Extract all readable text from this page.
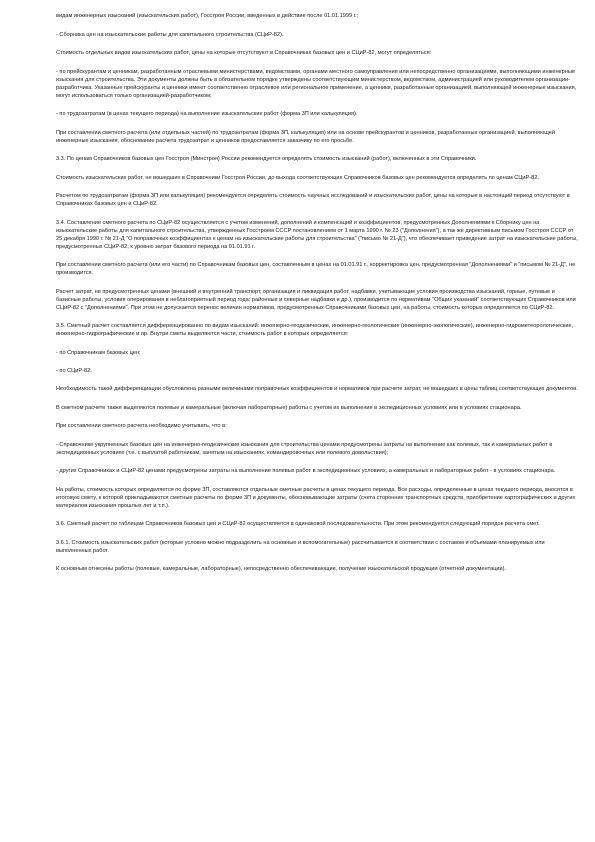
видам инженерных изысканий (изыскательских работ), Госстроя России, введенных в действие после 01.01.1999 г.;

- Сборника цен на изыскательские работы для капитального строительства (СЦиР-82).

Стоимость отдельных видов изыскательских работ, цены на которые отсутствуют в Справочниках базовых цен и СЦиР-82, могут определяться:

- по прейскурантам и ценникам, разработанным отраслевыми министерствами, ведомствами, органами местного самоуправления или непосредственно организациями, выполняющими инженерные изыскания для строительства. Эти документы должны быть в обязательном порядке утверждены соответствующим министерством, ведомством, администрацией или руководителем организации-разработчика. Указанные прейскуранты и ценники имеют соответственно отраслевое или региональное применение, а ценники, разработанные организацией, выполняющей инженерные изыскания, могут использоваться только организацией-разработчиком;

- по трудозатратам (в ценах текущего периода) на выполнение изыскательских работ (форма 3П или калькуляция).

При составлении сметного расчета (или отдельных частей) по трудозатратам (форма 3П, калькуляция) или на основе прейскурантов и ценников, разработанных организацией, выполняющей инженерные изыскания, обоснование расчета трудозатрат и ценников предоставляется заказчику по его просьбе.

3.3. По ценам Справочников базовых цен Госстроя (Минстроя) России рекомендуется определять стоимость изысканий (работ), включенных в эти Справочники.

Стоимость изыскательских работ, не вошедших в Справочники Госстроя России, до выхода соответствующих Справочников базовых цен рекомендуется определять по ценам СЦиР-82.

Расчетом по трудозатратам (форма 3П или калькуляция) рекомендуется определять стоимость научных исследований и изыскательских работ, цены на которые в настоящий период отсутствуют в Справочниках базовых цен и СЦиР-82.

3.4. Составление сметного расчета по СЦиР-82 осуществляется с учетом изменений, дополнений и компенсаций и коэффициентов, предусмотренных Дополнениями к Сборнику цен на изыскательские работы для капитального строительства, утвержденных Госстроем СССР постановлением от 1 марта 1990 г. № 23 ("Дополнения"), а так же директивным письмом Госстроя СССР от 25 декабря 1990 г. № 21-Д "О поправочных коэффициентах к ценам на изыскательские работы для строительства" ("письмо № 21-Д"), что обеспечивает приведение затрат на изыскательские работы, предусмотренных СЦиР-82, к уровню затрат базового периода на 01.01.91 г.

При составлении сметного расчета (или его части) по Справочникам базовых цен, составленным в ценах на 01.01.91 г., корректировка цен, предусмотренная "Дополнениями" и "письмом № 21-Д", не производится.

Расчет затрат, не предусмотренных ценами (внешний и внутренний транспорт, организация и ликвидация работ, надбавки, учитывающие условия производства изысканий, горные, путевые и базисные работы, условия оперирования в неблагоприятный период года; районные и северные надбавки и др.), производится по нормативам "Общих указаний" соответствующих Справочников или СЦиР-82 с "Дополнениями". При этом не допускается перенос величин нормативов, предусмотренных Справочниками базовых цен, на работы, стоимость которых определяется по СЦиР-82.

3.5. Сметный расчет составляется дифференцированно по видам изысканий: инженерно-геодезические, инженерно-геологические (инженерно-экологические), инженерно-гидрометеорологические, инженерно-гидрографические и пр. Внутри сметы выделяются части, стоимость работ в которых определяется:

- по Справочникам базовых цен;

- по СЦиР-82.

Необходимость такой дифференциации обусловлена разными величинами поправочных коэффициентов и нормативов при расчете затрат, не вошедших в цены таблиц соответствующих документов.

В сметном расчете также выделяются полевые и камеральные (включая лабораторные) работы с учетом их выполнения в экспедиционных условиях или в условиях стационара.

При составлении сметного расчета необходимо учитывать, что в:

- Справочнике укрупненных базовых цен на инженерно-геодезические изыскания для строительства ценами предусмотрены затраты на выполнение как полевых, так и камеральных работ в экспедиционных условиях (т.е. с выплатой работникам, занятым на изысканиях, командировочных или полевого довольствия);

- других Справочниках и СЦиР-82 ценами предусмотрены затраты на выполнение полевых работ в экспедиционных условиях, а камеральных и лабораторных работ - в условиях стационара.

На работы, стоимость которых определяется по форме 3П, составляются отдельные сметные расчеты в ценах текущего периода. Все расходы, определенные в ценах текущего периода, вносятся в итоговую смету, к которой прикладываются сметные расчеты по форме 3П и документы, обосновывающие затраты (счета сторонних транспортных средств, приобретение картографических и других материалов изыскания прошлых лет и т.п.).

3.6. Сметный расчет по таблицам Справочников базовых цен и СЦиР-82 осуществляется в одинаковой последовательности. При этом рекомендуется следующий порядок расчета смет.

3.6.1. Стоимость изыскательских работ (которые условно можно подразделить на основные и вспомогательные) рассчитывается в соответствии с составом и объемами планируемых или выполненных работ.

К основным отнесены работы (полевые, камеральные, лабораторные), непосредственно обеспечивающие, получение изыскательской продукции (отчетной документации).
